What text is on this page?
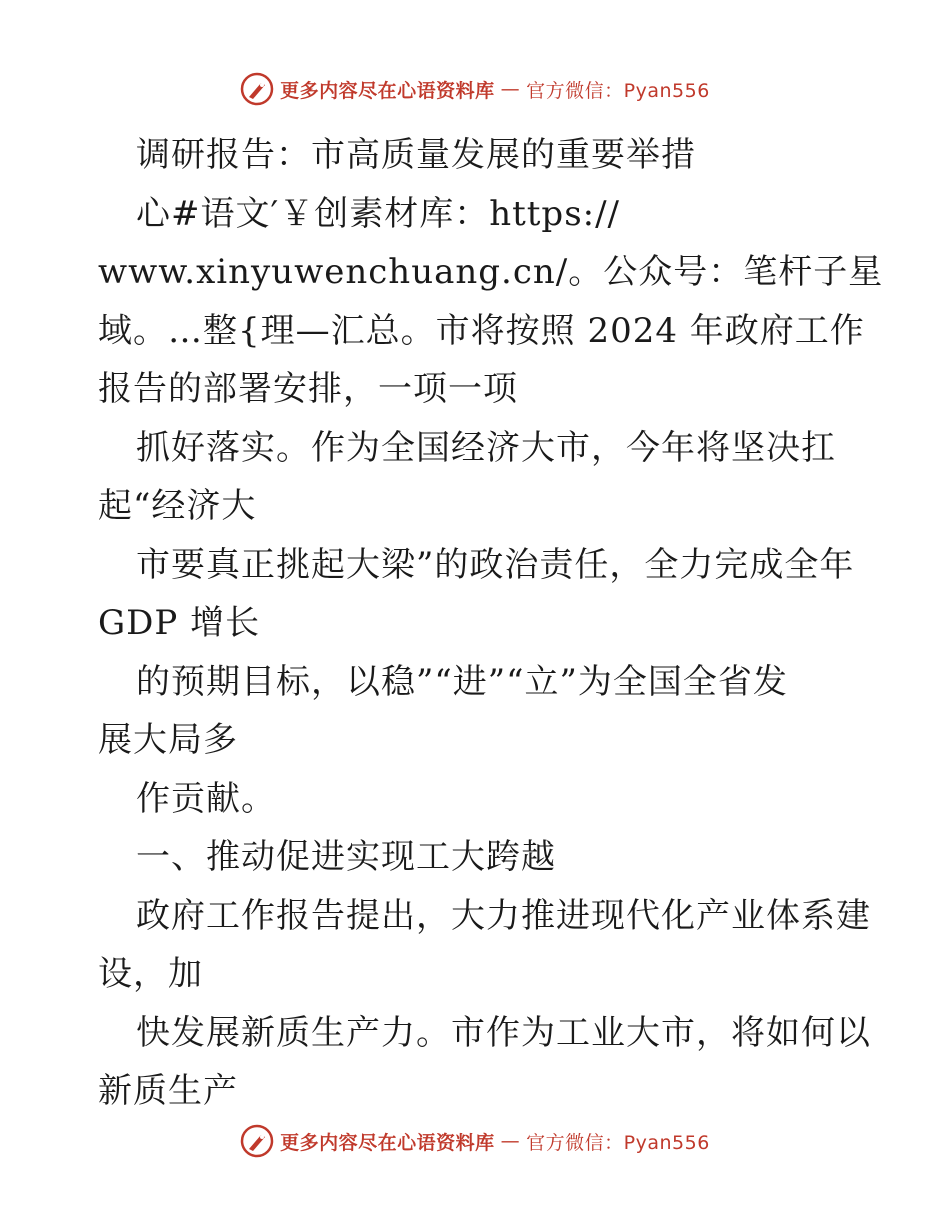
更多内容尽在心语资料库 — 官方微信：Pyan556
调研报告：市高质量发展的重要举措
心#语文′￥创素材库：https://
www.xinyuwenchuang.cn/。公众号：笔杆子星
域。…整{理—汇总。市将按照 2024 年政府工作
报告的部署安排，一项一项
抓好落实。作为全国经济大市，今年将坚决扛
起“经济大
市要真正挑起大梁”的政治责任，全力完成全年
GDP 增长
的预期目标，以稳”“进”“立”为全国全省发
展大局多
作贡献。
一、推动促进实现工大跨越
政府工作报告提出，大力推进现代化产业体系建
设，加
快发展新质生产力。市作为工业大市，将如何以
新质生产
更多内容尽在心语资料库 — 官方微信：Pyan556
